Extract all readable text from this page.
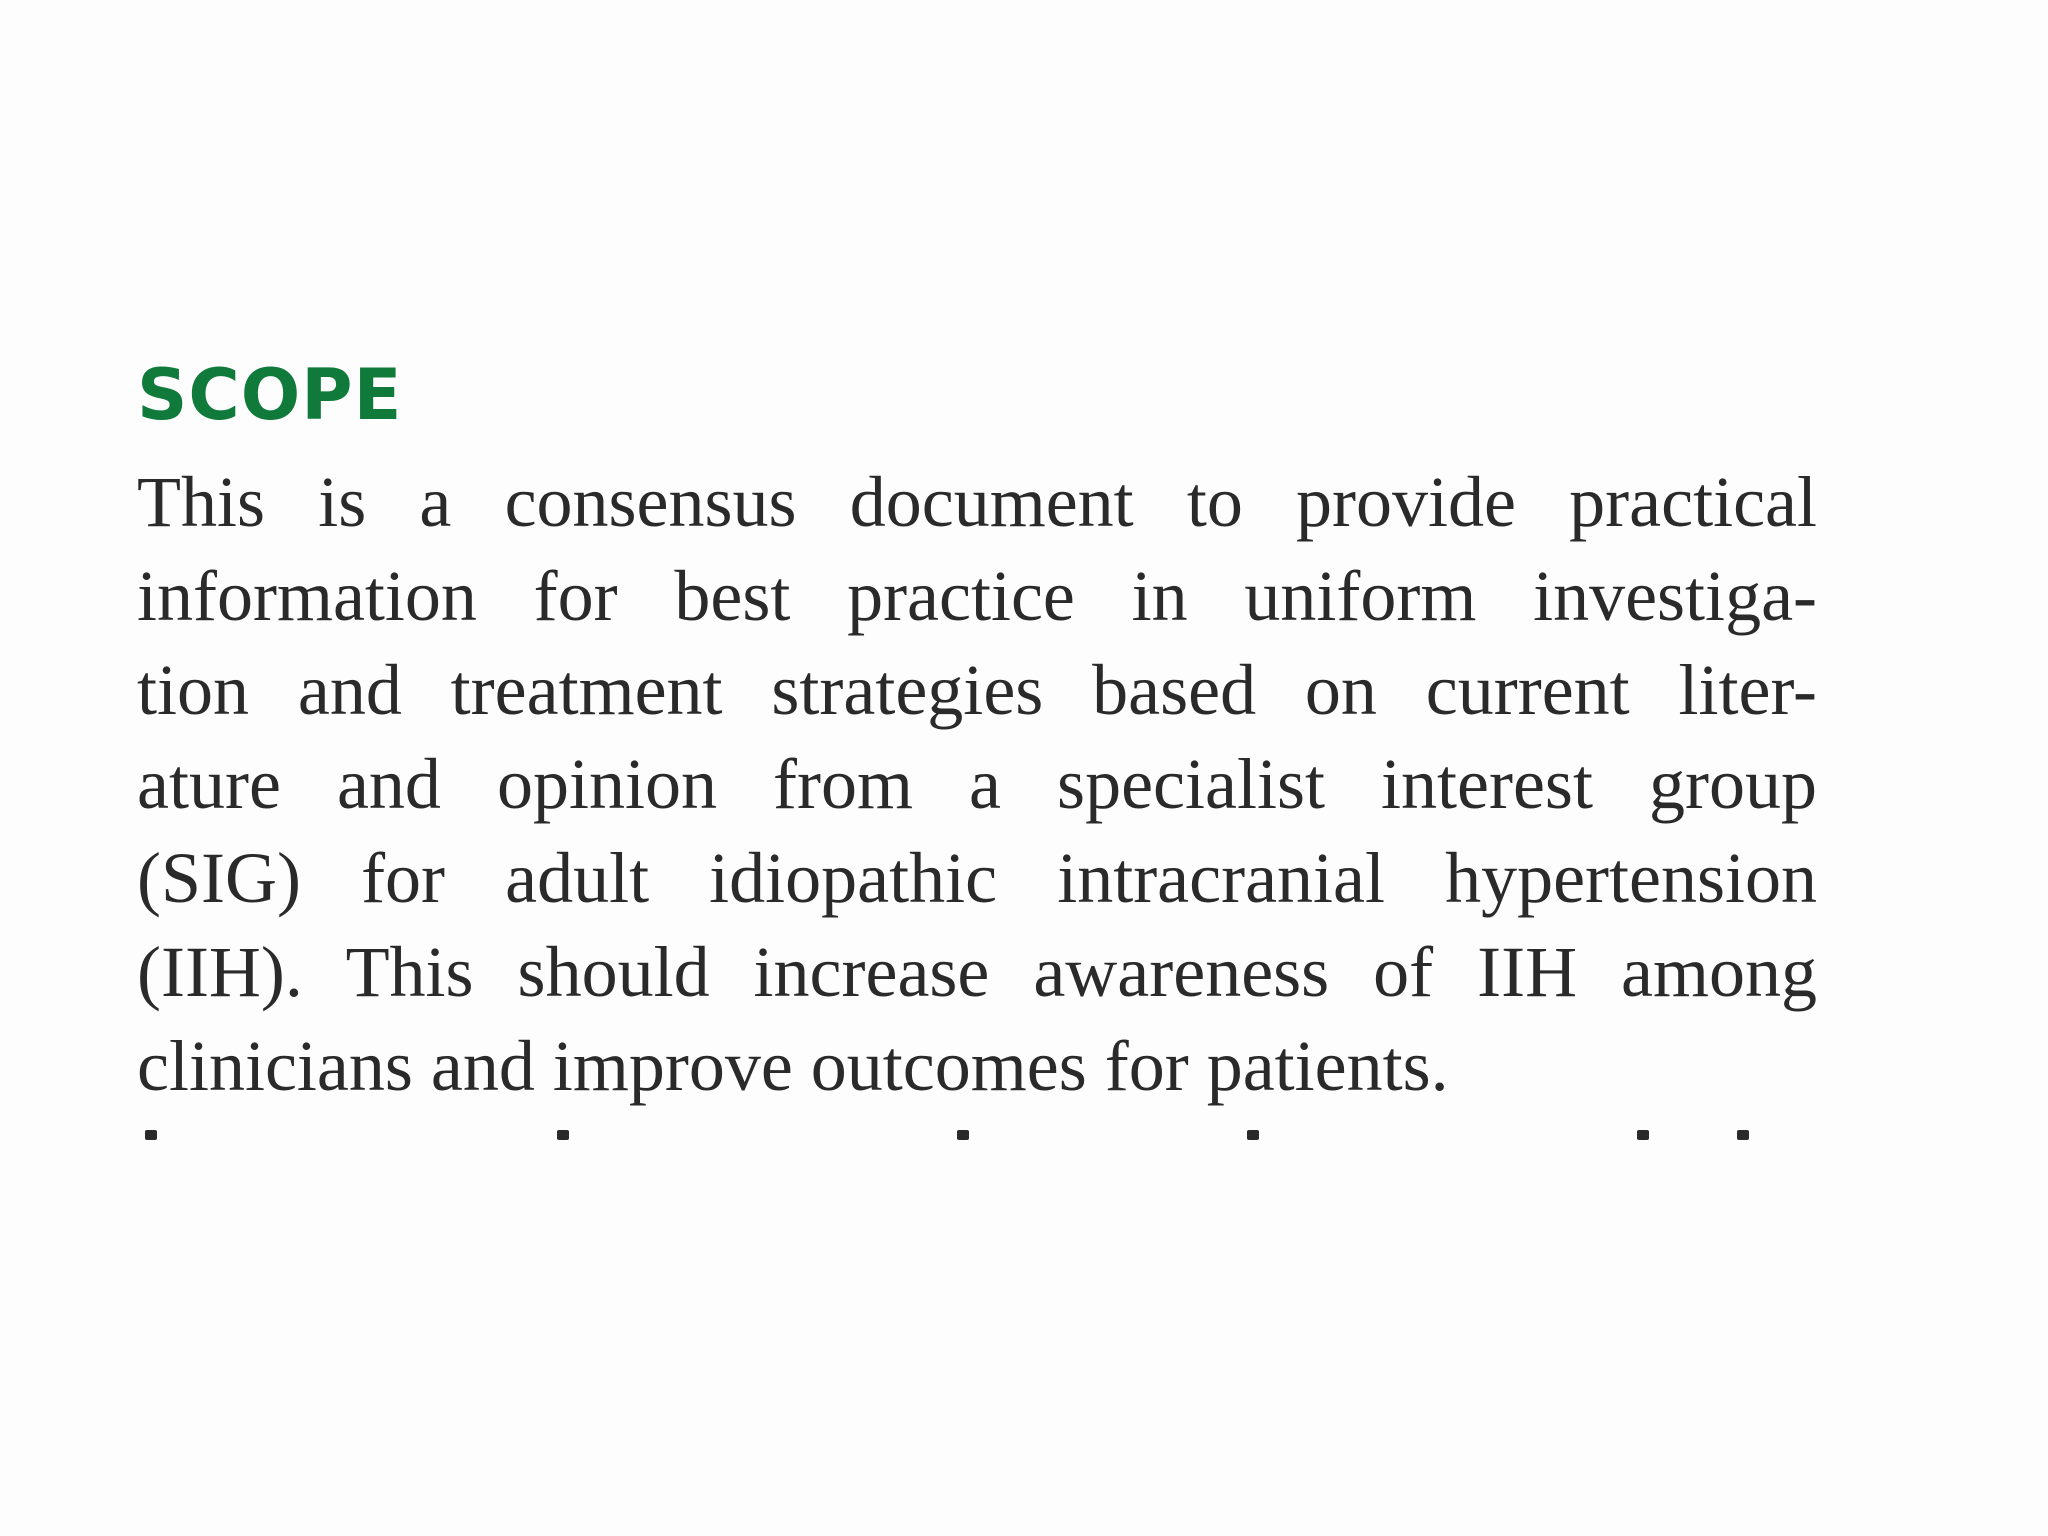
SCOPE

This is a consensus document to provide practical
information for best practice in uniform investiga-
tion and treatment strategies based on current liter-
ature and opinion from a specialist interest group
(SIG) for adult idiopathic intracranial hypertension
(IIH). This should increase awareness of IIH among
clinicians and improve outcomes for patients.
